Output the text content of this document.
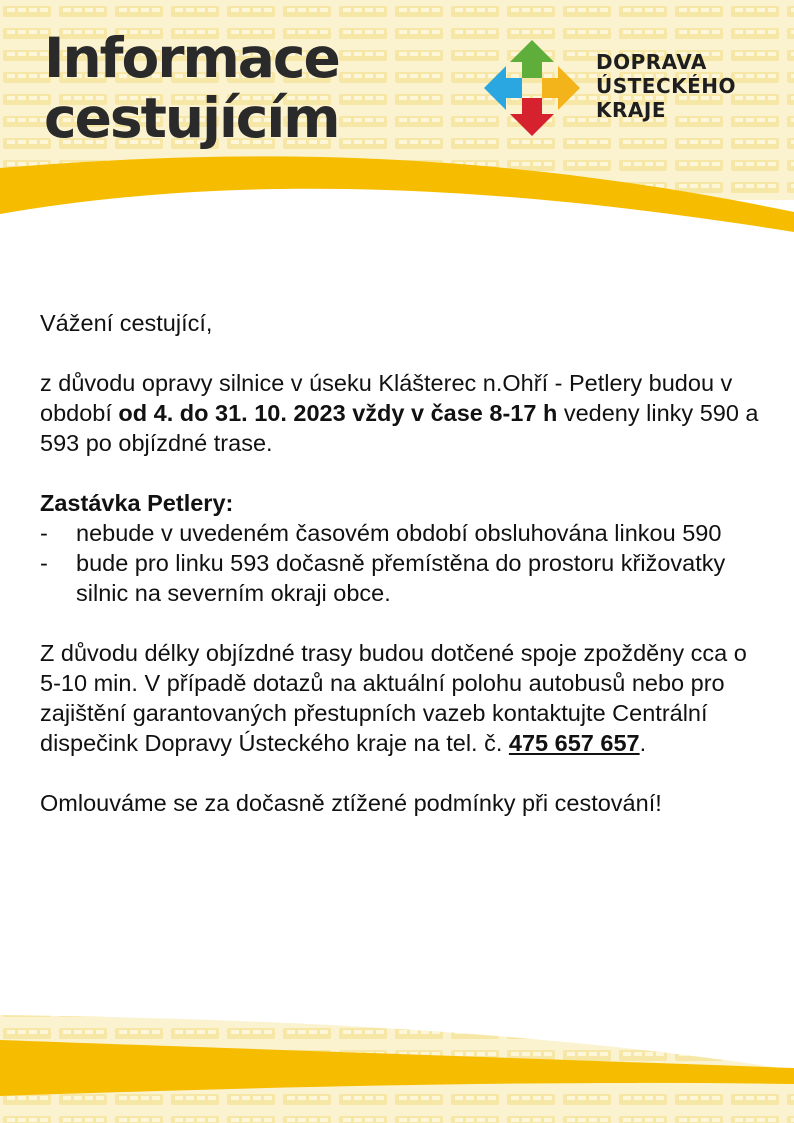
Informace
cestujícím
DOPRAVA
ÚSTECKÉHO
KRAJE

Vážení cestující,

z důvodu opravy silnice v úseku Klášterec n.Ohří - Petlery budou v období od 4. do 31. 10. 2023 vždy v čase 8-17 h vedeny linky 590 a 593 po objízdné trase.

Zastávka Petlery:

- nebude v uvedeném časovém období obsluhována linkou 590
- bude pro linku 593 dočasně přemístěna do prostoru křižovatky silnic na severním okraji obce.

Z důvodu délky objízdné trasy budou dotčené spoje zpožděny cca o 5-10 min. V případě dotazů na aktuální polohu autobusů nebo pro zajištění garantovaných přestupních vazeb kontaktujte Centrální dispečink Dopravy Ústeckého kraje na tel. č. 475 657 657.

Omlouváme se za dočasně ztížené podmínky při cestování!
